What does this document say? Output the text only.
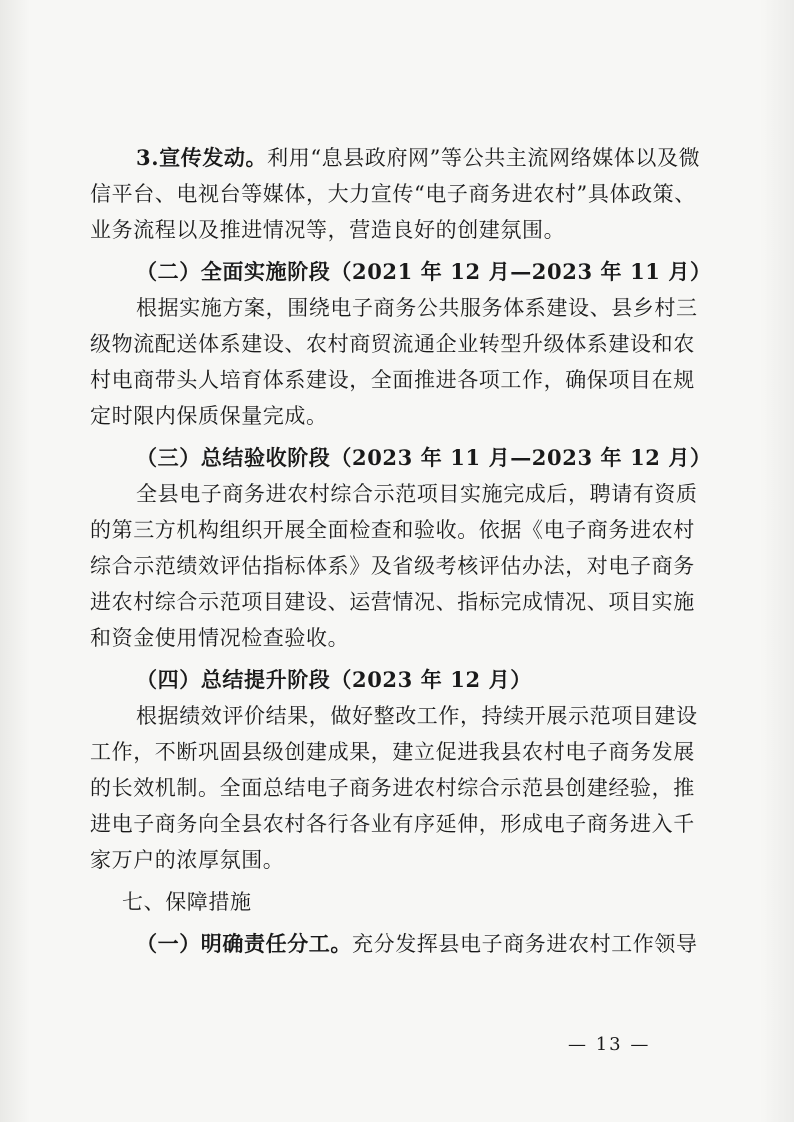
3.宣传发动。利用“息县政府网”等公共主流网络媒体以及微
信平台、电视台等媒体，大力宣传“电子商务进农村”具体政策、
业务流程以及推进情况等，营造良好的创建氛围。
（二）全面实施阶段（2021 年 12 月—2023 年 11 月）
根据实施方案，围绕电子商务公共服务体系建设、县乡村三
级物流配送体系建设、农村商贸流通企业转型升级体系建设和农
村电商带头人培育体系建设，全面推进各项工作，确保项目在规
定时限内保质保量完成。
（三）总结验收阶段（2023 年 11 月—2023 年 12 月）
全县电子商务进农村综合示范项目实施完成后，聘请有资质
的第三方机构组织开展全面检查和验收。依据《电子商务进农村
综合示范绩效评估指标体系》及省级考核评估办法，对电子商务
进农村综合示范项目建设、运营情况、指标完成情况、项目实施
和资金使用情况检查验收。
（四）总结提升阶段（2023 年 12 月）
根据绩效评价结果，做好整改工作，持续开展示范项目建设
工作，不断巩固县级创建成果，建立促进我县农村电子商务发展
的长效机制。全面总结电子商务进农村综合示范县创建经验，推
进电子商务向全县农村各行各业有序延伸，形成电子商务进入千
家万户的浓厚氛围。
七、保障措施
（一）明确责任分工。充分发挥县电子商务进农村工作领导
— 13 —
